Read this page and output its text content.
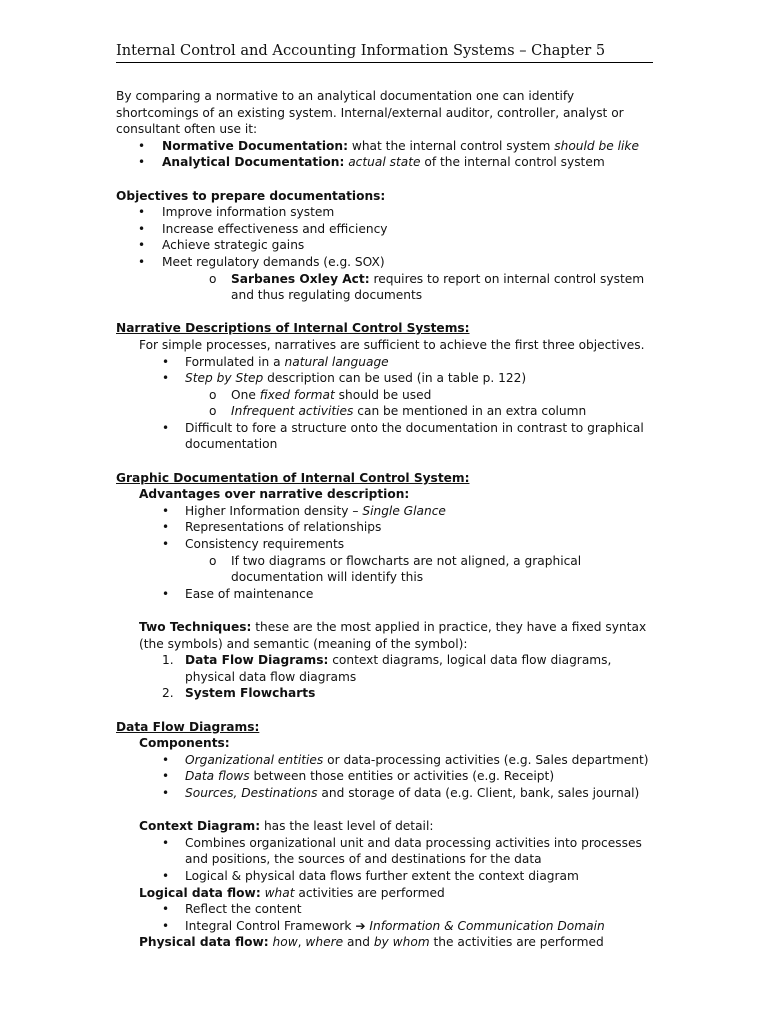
Internal Control and Accounting Information Systems – Chapter 5

By comparing a normative to an analytical documentation one can identify shortcomings of an existing system. Internal/external auditor, controller, analyst or consultant often use it:

• Normative Documentation: what the internal control system should be like
• Analytical Documentation: actual state of the internal control system

Objectives to prepare documentations:

• Improve information system
• Increase effectiveness and efficiency
• Achieve strategic gains
• Meet regulatory demands (e.g. SOX)
o Sarbanes Oxley Act: requires to report on internal control system and thus regulating documents

Narrative Descriptions of Internal Control Systems:

For simple processes, narratives are sufficient to achieve the first three objectives.

• Formulated in a natural language
• Step by Step description can be used (in a table p. 122)
o One fixed format should be used
o Infrequent activities can be mentioned in an extra column
• Difficult to fore a structure onto the documentation in contrast to graphical documentation

Graphic Documentation of Internal Control System:

Advantages over narrative description:

• Higher Information density – Single Glance
• Representations of relationships
• Consistency requirements
o If two diagrams or flowcharts are not aligned, a graphical documentation will identify this
• Ease of maintenance

Two Techniques: these are the most applied in practice, they have a fixed syntax (the symbols) and semantic (meaning of the symbol):

1. Data Flow Diagrams: context diagrams, logical data flow diagrams, physical data flow diagrams
2. System Flowcharts

Data Flow Diagrams:

Components:

• Organizational entities or data-processing activities (e.g. Sales department)
• Data flows between those entities or activities (e.g. Receipt)
• Sources, Destinations and storage of data (e.g. Client, bank, sales journal)

Context Diagram: has the least level of detail:

• Combines organizational unit and data processing activities into processes and positions, the sources of and destinations for the data
• Logical & physical data flows further extent the context diagram

Logical data flow: what activities are performed

• Reflect the content
• Integral Control Framework ➔ Information & Communication Domain

Physical data flow: how, where and by whom the activities are performed
